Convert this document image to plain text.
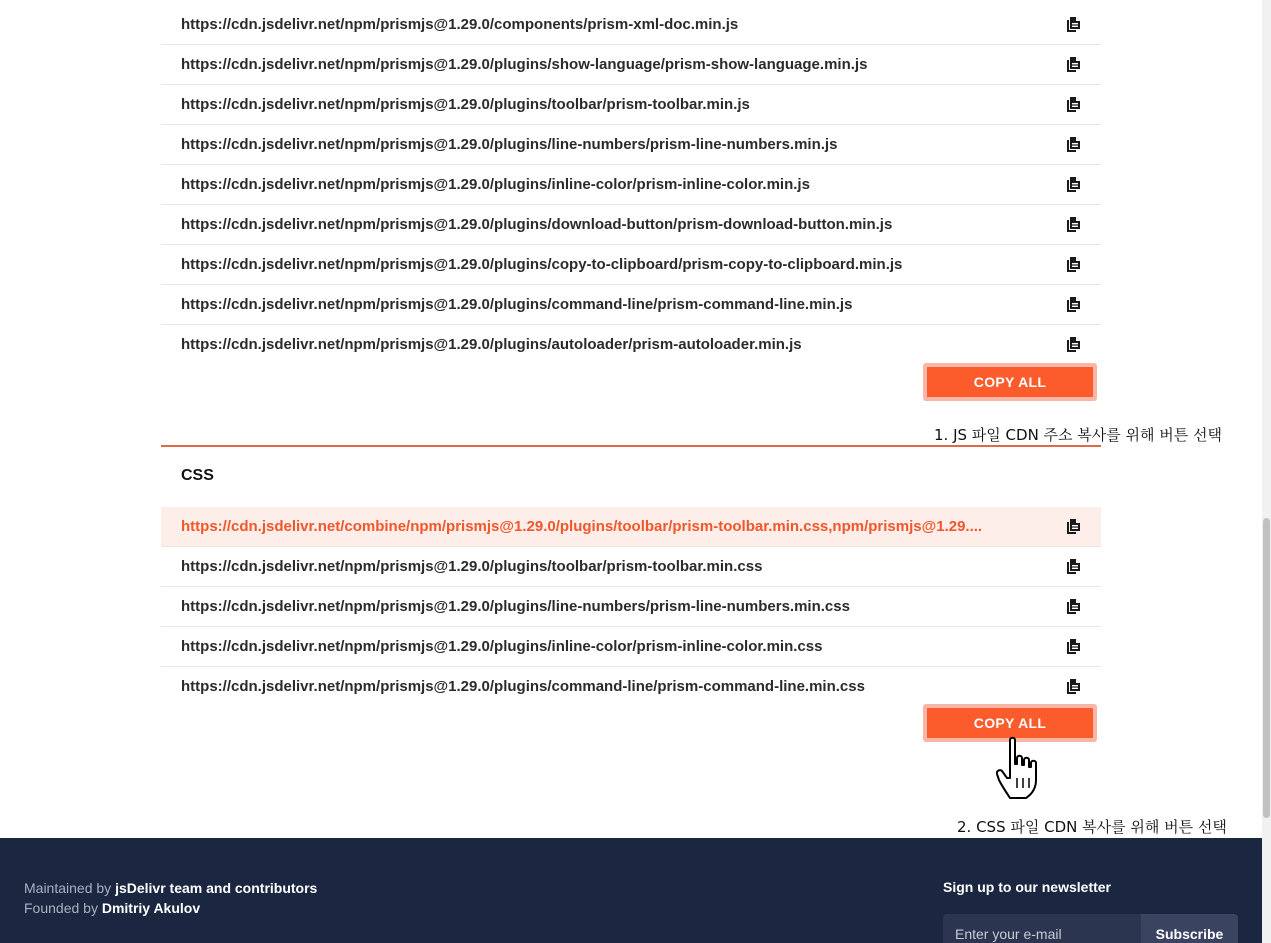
https://cdn.jsdelivr.net/npm/prismjs@1.29.0/components/prism-xml-doc.min.js
https://cdn.jsdelivr.net/npm/prismjs@1.29.0/plugins/show-language/prism-show-language.min.js
https://cdn.jsdelivr.net/npm/prismjs@1.29.0/plugins/toolbar/prism-toolbar.min.js
https://cdn.jsdelivr.net/npm/prismjs@1.29.0/plugins/line-numbers/prism-line-numbers.min.js
https://cdn.jsdelivr.net/npm/prismjs@1.29.0/plugins/inline-color/prism-inline-color.min.js
https://cdn.jsdelivr.net/npm/prismjs@1.29.0/plugins/download-button/prism-download-button.min.js
https://cdn.jsdelivr.net/npm/prismjs@1.29.0/plugins/copy-to-clipboard/prism-copy-to-clipboard.min.js
https://cdn.jsdelivr.net/npm/prismjs@1.29.0/plugins/command-line/prism-command-line.min.js
https://cdn.jsdelivr.net/npm/prismjs@1.29.0/plugins/autoloader/prism-autoloader.min.js
COPY ALL
1. JS 파일 CDN 주소 복사를 위해 버튼 선택
CSS
https://cdn.jsdelivr.net/combine/npm/prismjs@1.29.0/plugins/toolbar/prism-toolbar.min.css,npm/prismjs@1.29....
https://cdn.jsdelivr.net/npm/prismjs@1.29.0/plugins/toolbar/prism-toolbar.min.css
https://cdn.jsdelivr.net/npm/prismjs@1.29.0/plugins/line-numbers/prism-line-numbers.min.css
https://cdn.jsdelivr.net/npm/prismjs@1.29.0/plugins/inline-color/prism-inline-color.min.css
https://cdn.jsdelivr.net/npm/prismjs@1.29.0/plugins/command-line/prism-command-line.min.css
COPY ALL
2. CSS 파일 CDN 복사를 위해 버튼 선택
Maintained by jsDelivr team and contributors
Founded by Dmitriy Akulov
Sign up to our newsletter
Enter your e-mail
Subscribe
